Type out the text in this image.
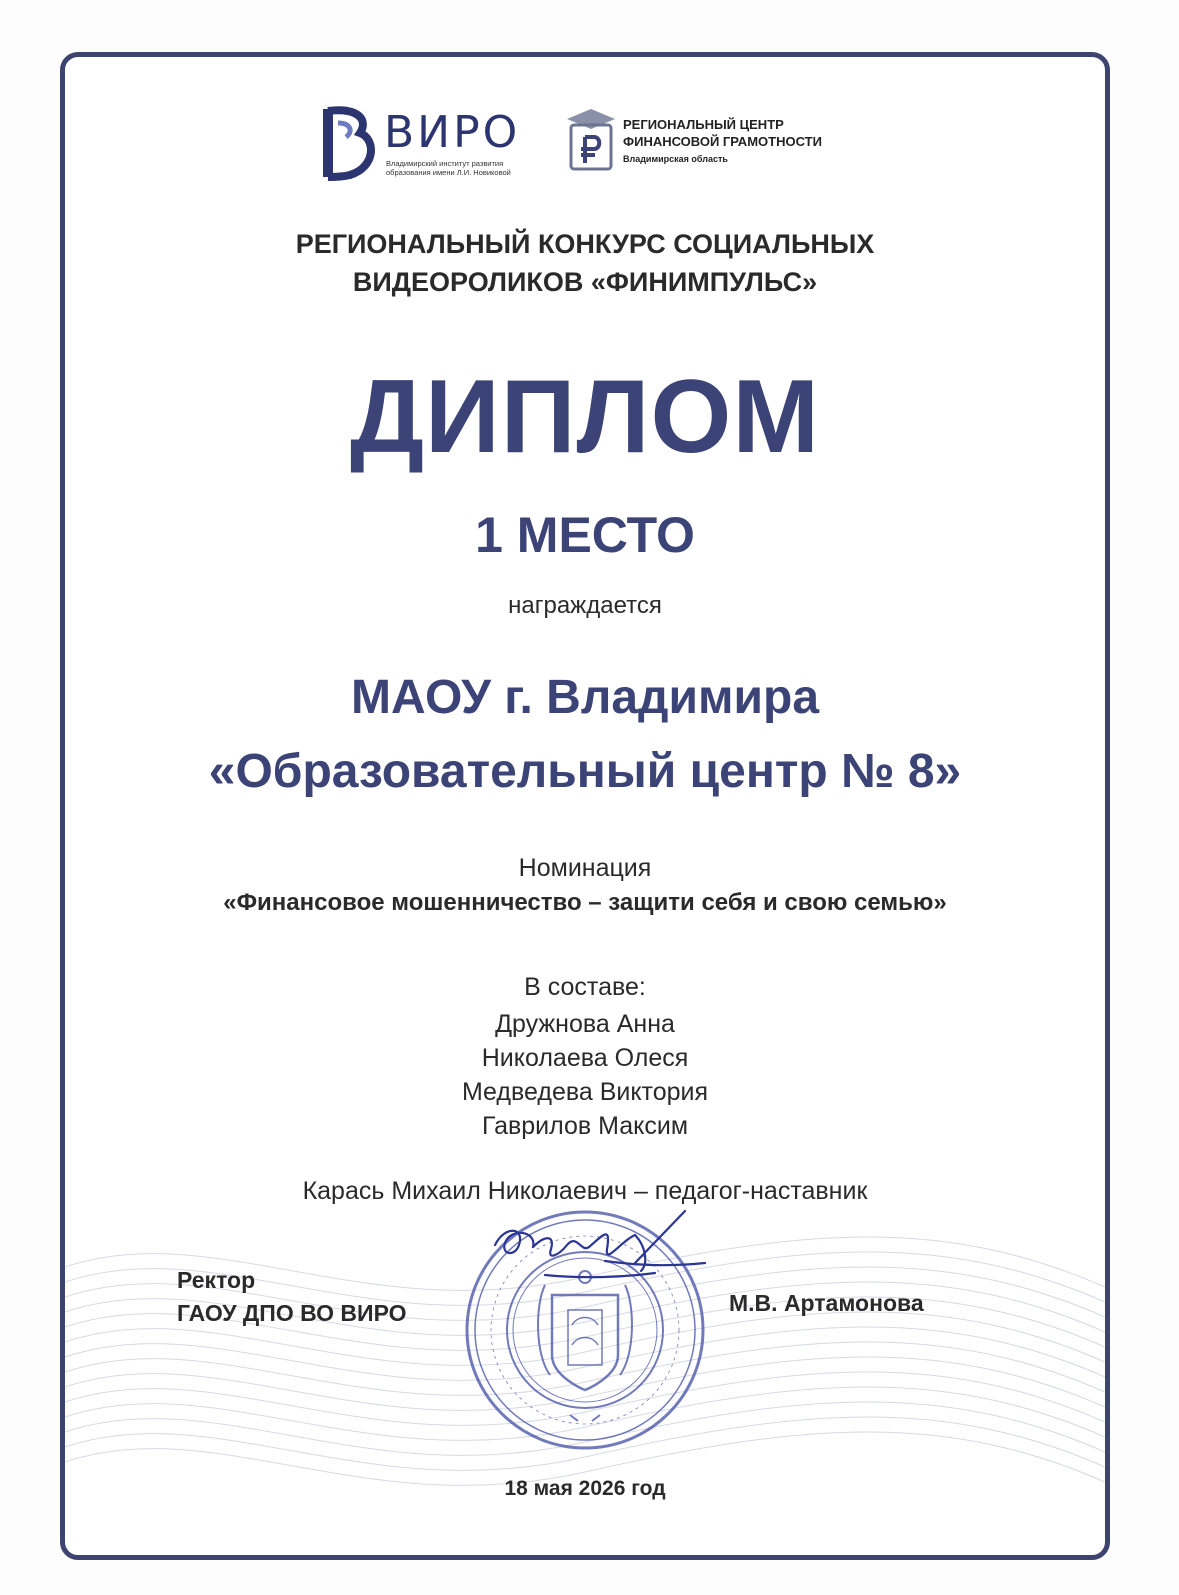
ВИРО
Владимирский институт развития
образования имени Л.И. Новиковой
РЕГИОНАЛЬНЫЙ ЦЕНТР
ФИНАНСОВОЙ ГРАМОТНОСТИ
Владимирская область
РЕГИОНАЛЬНЫЙ КОНКУРС СОЦИАЛЬНЫХ
ВИДЕОРОЛИКОВ «ФИНИМПУЛЬС»
ДИПЛОМ
1 МЕСТО
награждается
МАОУ г. Владимира
«Образовательный центр № 8»
Номинация
«Финансовое мошенничество – защити себя и свою семью»
В составе:
Дружнова Анна
Николаева Олеся
Медведева Виктория
Гаврилов Максим
Карась Михаил Николаевич – педагог-наставник
Ректор
ГАОУ ДПО ВО ВИРО	М.В. Артамонова
18 мая 2026 год
